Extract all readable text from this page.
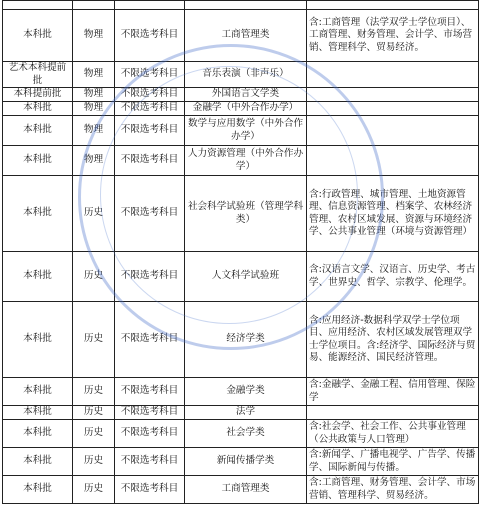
本科批	物理	不限选考科目	工商管理类	含:工商管理（法学双学士学位项目）、工商管理、财务管理、会计学、市场营销、管理科学、贸易经济。
艺术本科提前批	物理	不限选考科目	音乐表演（非声乐）	
本科提前批	物理	不限选考科目	外国语言文学类	
本科批	物理	不限选考科目	金融学（中外合作办学）	
本科批	物理	不限选考科目	数学与应用数学（中外合作办学）	
本科批	物理	不限选考科目	人力资源管理（中外合作办学）	
本科批	历史	不限选考科目	社会科学试验班（管理学科类）	含:行政管理、城市管理、土地资源管理、信息资源管理、档案学、农林经济管理、农村区域发展、资源与环境经济学、公共事业管理（环境与资源管理）
本科批	历史	不限选考科目	人文科学试验班	含:汉语言文学、汉语言、历史学、考古学、世界史、哲学、宗教学、伦理学。
本科批	历史	不限选考科目	经济学类	含:应用经济-数据科学双学士学位项目、应用经济、农村区域发展管理双学士学位项目。含:经济学、国际经济与贸易、能源经济、国民经济管理。
本科批	历史	不限选考科目	金融学类	含:金融学、金融工程、信用管理、保险学
本科批	历史	不限选考科目	法学	
本科批	历史	不限选考科目	社会学类	含:社会学、社会工作、公共事业管理（公共政策与人口管理）
本科批	历史	不限选考科目	新闻传播学类	含:新闻学、广播电视学、广告学、传播学、国际新闻与传播。
本科批	历史	不限选考科目	工商管理类	含:工商管理、财务管理、会计学、市场营销、管理科学、贸易经济。
